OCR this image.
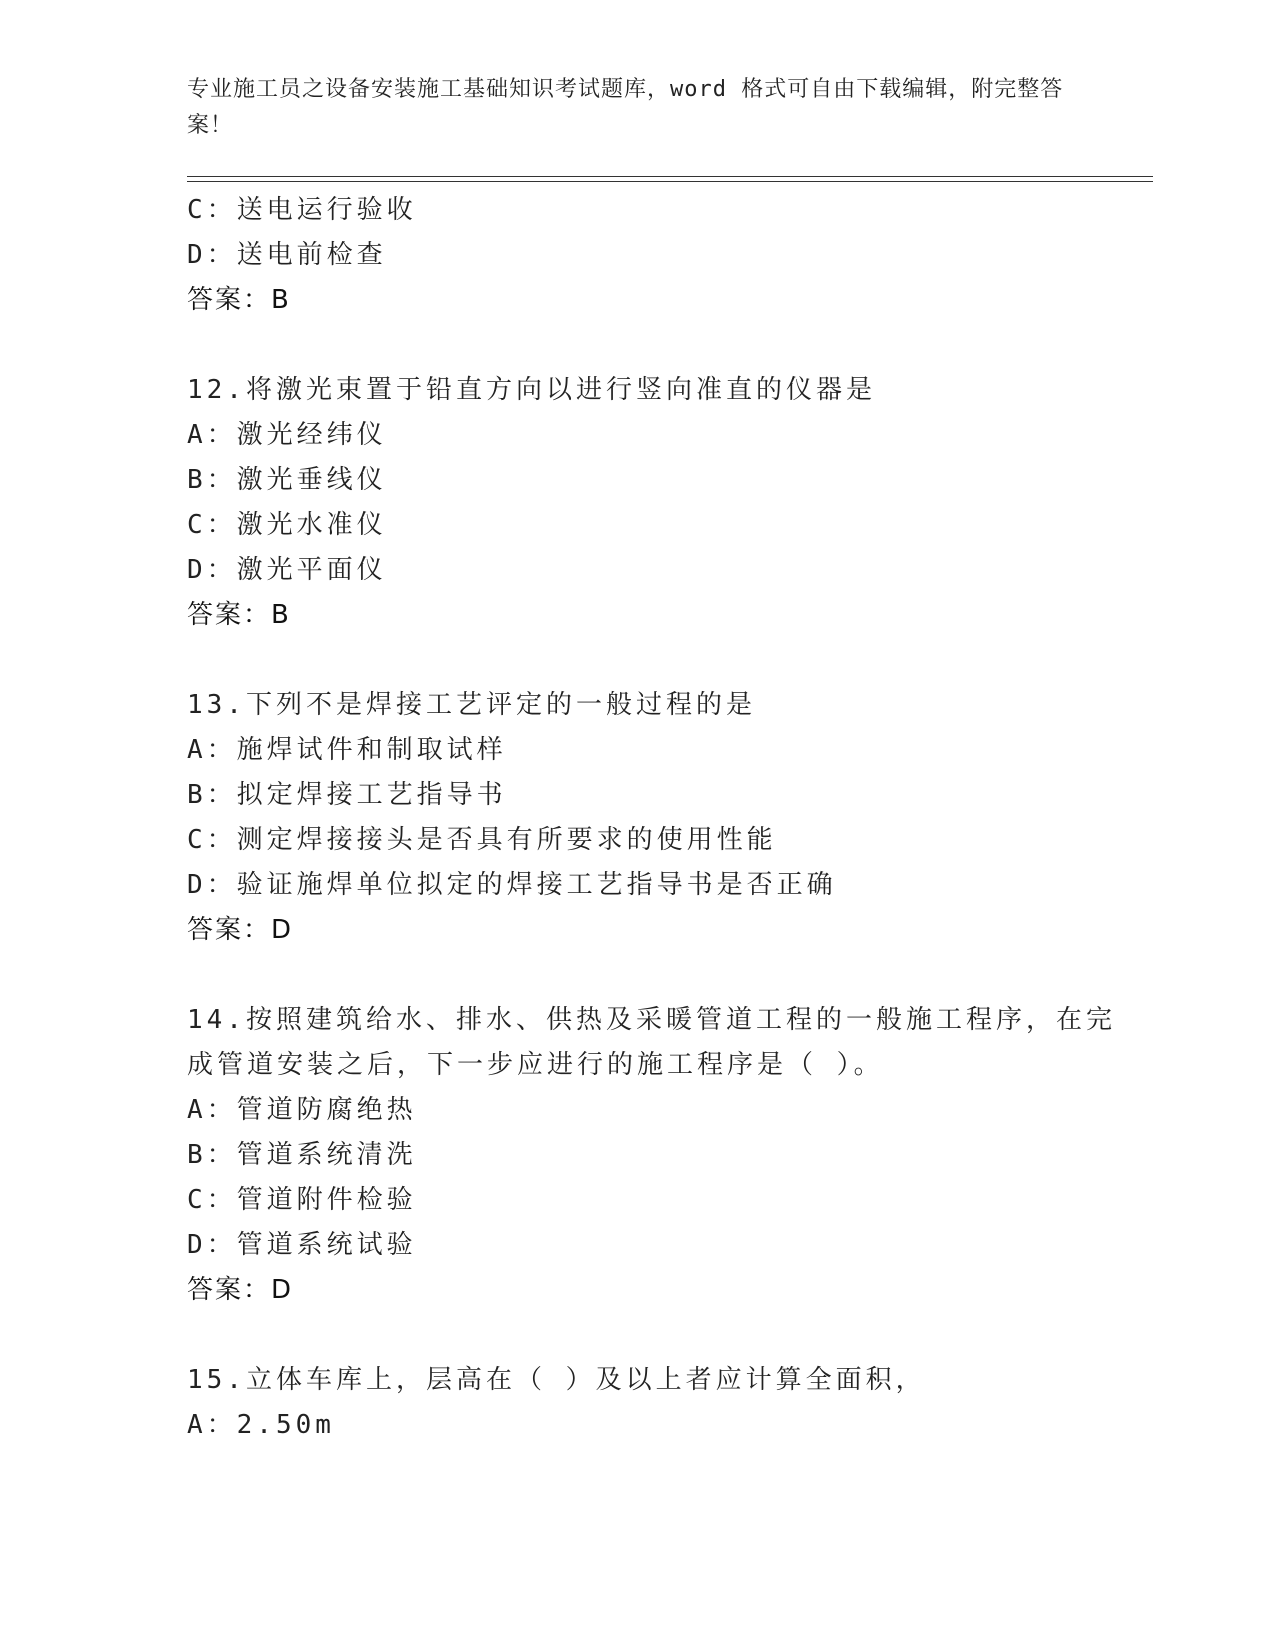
专业施工员之设备安装施工基础知识考试题库，word 格式可自由下载编辑，附完整答案！
C：送电运行验收
D：送电前检查
答案：B
12.将激光束置于铅直方向以进行竖向准直的仪器是
A：激光经纬仪
B：激光垂线仪
C：激光水准仪
D：激光平面仪
答案：B
13.下列不是焊接工艺评定的一般过程的是
A：施焊试件和制取试样
B：拟定焊接工艺指导书
C：测定焊接接头是否具有所要求的使用性能
D：验证施焊单位拟定的焊接工艺指导书是否正确
答案：D
14.按照建筑给水、排水、供热及采暖管道工程的一般施工程序，在完
成管道安装之后，下一步应进行的施工程序是（ ）。
A：管道防腐绝热
B：管道系统清洗
C：管道附件检验
D：管道系统试验
答案：D
15.立体车库上，层高在（ ）及以上者应计算全面积，
A：2.50m
